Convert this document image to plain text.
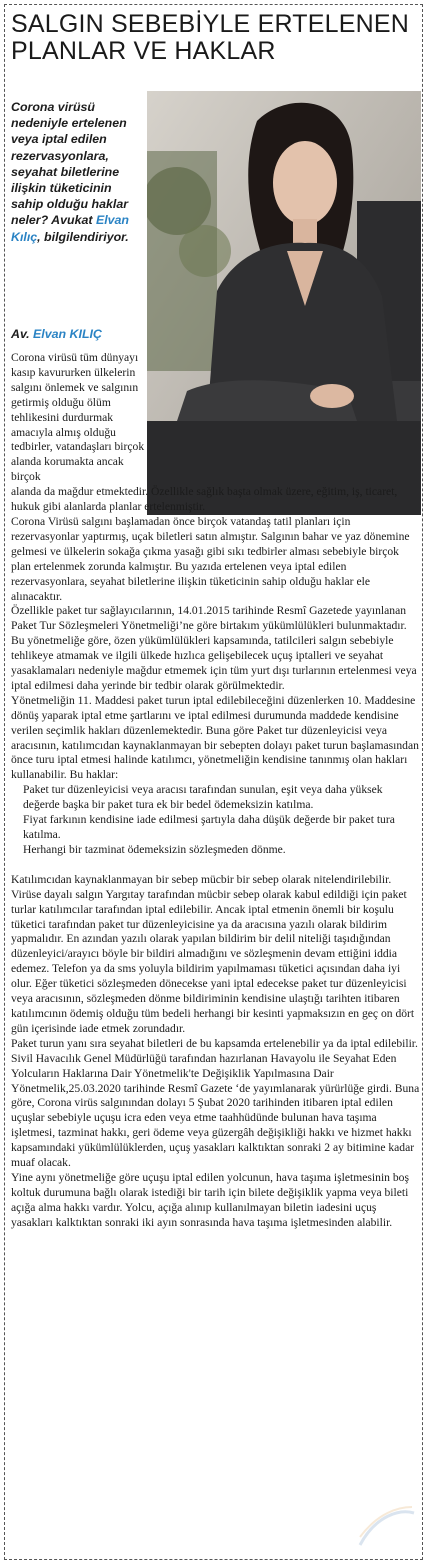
SALGIN SEBEBİYLE ERTELENEN
PLANLAR VE HAKLAR

Corona virüsü nedeniyle ertelenen veya iptal edilen rezervasyonlara, seyahat biletlerine ilişkin tüketicinin sahip olduğu haklar neler? Avukat Elvan Kılıç, bilgilendiriyor.

Av. Elvan KILIÇ

Corona virüsü tüm dünyayı kasıp kavururken ülkelerin salgını önlemek ve salgının getirmiş olduğu ölüm tehlikesini durdurmak amacıyla almış olduğu tedbirler, vatandaşları birçok alanda korumakta ancak birçok

alanda da mağdur etmektedir. Özellikle sağlık başta olmak üzere, eğitim, iş, ticaret, hukuk gibi alanlarda planlar ertelenmiştir.

Corona Virüsü salgını başlamadan önce birçok vatandaş tatil planları için rezervasyonlar yaptırmış, uçak biletleri satın almıştır. Salgının bahar ve yaz dönemine gelmesi ve ülkelerin sokağa çıkma yasağı gibi sıkı tedbirler alması sebebiyle birçok plan ertelenmek zorunda kalmıştır. Bu yazıda ertelenen veya iptal edilen rezervasyonlara, seyahat biletlerine ilişkin tüketicinin sahip olduğu haklar ele alınacaktır.

Özellikle paket tur sağlayıcılarının, 14.01.2015 tarihinde Resmî Gazetede yayınlanan Paket Tur Sözleşmeleri Yönetmeliği’ne göre birtakım yükümlülükleri bulunmaktadır. Bu yönetmeliğe göre, özen yükümlülükleri kapsamında, tatilcileri salgın sebebiyle tehlikeye atmamak ve ilgili ülkede hızlıca gelişebilecek uçuş iptalleri ve seyahat yasaklamaları nedeniyle mağdur etmemek için tüm yurt dışı turlarının ertelenmesi veya iptal edilmesi daha yerinde bir tedbir olarak görülmektedir.

Yönetmeliğin 11. Maddesi paket turun iptal edilebileceğini düzenlerken 10. Maddesine dönüş yaparak iptal etme şartlarını ve iptal edilmesi durumunda maddede kendisine verilen seçimlik hakları düzenlemektedir. Buna göre Paket tur düzenleyicisi veya aracısının, katılımcıdan kaynaklanmayan bir sebepten dolayı paket turun başlamasından önce turu iptal etmesi halinde katılımcı, yönetmeliğin kendisine tanınmış olan hakları kullanabilir. Bu haklar:

Paket tur düzenleyicisi veya aracısı tarafından sunulan, eşit veya daha yüksek değerde başka bir paket tura ek bir bedel ödemeksizin katılma.

Fiyat farkının kendisine iade edilmesi şartıyla daha düşük değerde bir paket tura katılma.

Herhangi bir tazminat ödemeksizin sözleşmeden dönme.

Katılımcıdan kaynaklanmayan bir sebep mücbir bir sebep olarak nitelendirilebilir. Virüse dayalı salgın Yargıtay tarafından mücbir sebep olarak kabul edildiği için paket turlar katılımcılar tarafından iptal edilebilir. Ancak iptal etmenin önemli bir koşulu tüketici tarafından paket tur düzenleyicisine ya da aracısına yazılı olarak bildirim yapmalıdır. En azından yazılı olarak yapılan bildirim bir delil niteliği taşıdığından düzenleyici/arayıcı böyle bir bildiri almadığını ve sözleşmenin devam ettiğini iddia edemez. Telefon ya da sms yoluyla bildirim yapılmaması tüketici açısından daha iyi olur. Eğer tüketici sözleşmeden dönecekse yani iptal edecekse paket tur düzenleyicisi veya aracısının, sözleşmeden dönme bildiriminin kendisine ulaştığı tarihten itibaren katılımcının ödemiş olduğu tüm bedeli herhangi bir kesinti yapmaksızın en geç on dört gün içerisinde iade etmek zorundadır.

Paket turun yanı sıra seyahat biletleri de bu kapsamda ertelenebilir ya da iptal edilebilir. Sivil Havacılık Genel Müdürlüğü tarafından hazırlanan Havayolu ile Seyahat Eden Yolcuların Haklarına Dair Yönetmelik'te Değişiklik Yapılmasına Dair Yönetmelik,25.03.2020 tarihinde Resmî Gazete ‘de yayımlanarak yürürlüğe girdi. Buna göre, Corona virüs salgınından dolayı 5 Şubat 2020 tarihinden itibaren iptal edilen uçuşlar sebebiyle uçuşu icra eden veya etme taahhüdünde bulunan hava taşıma işletmesi, tazminat hakkı, geri ödeme veya güzergâh değişikliği hakkı ve hizmet hakkı kapsamındaki yükümlülüklerden, uçuş yasakları kalktıktan sonraki 2 ay bitimine kadar muaf olacak.

Yine aynı yönetmeliğe göre uçuşu iptal edilen yolcunun, hava taşıma işletmesinin boş koltuk durumuna bağlı olarak istediği bir tarih için bilete değişiklik yapma veya bileti açığa alma hakkı vardır. Yolcu, açığa alınıp kullanılmayan biletin iadesini uçuş yasakları kalktıktan sonraki iki ayın sonrasında hava taşıma işletmesinden alabilir.
